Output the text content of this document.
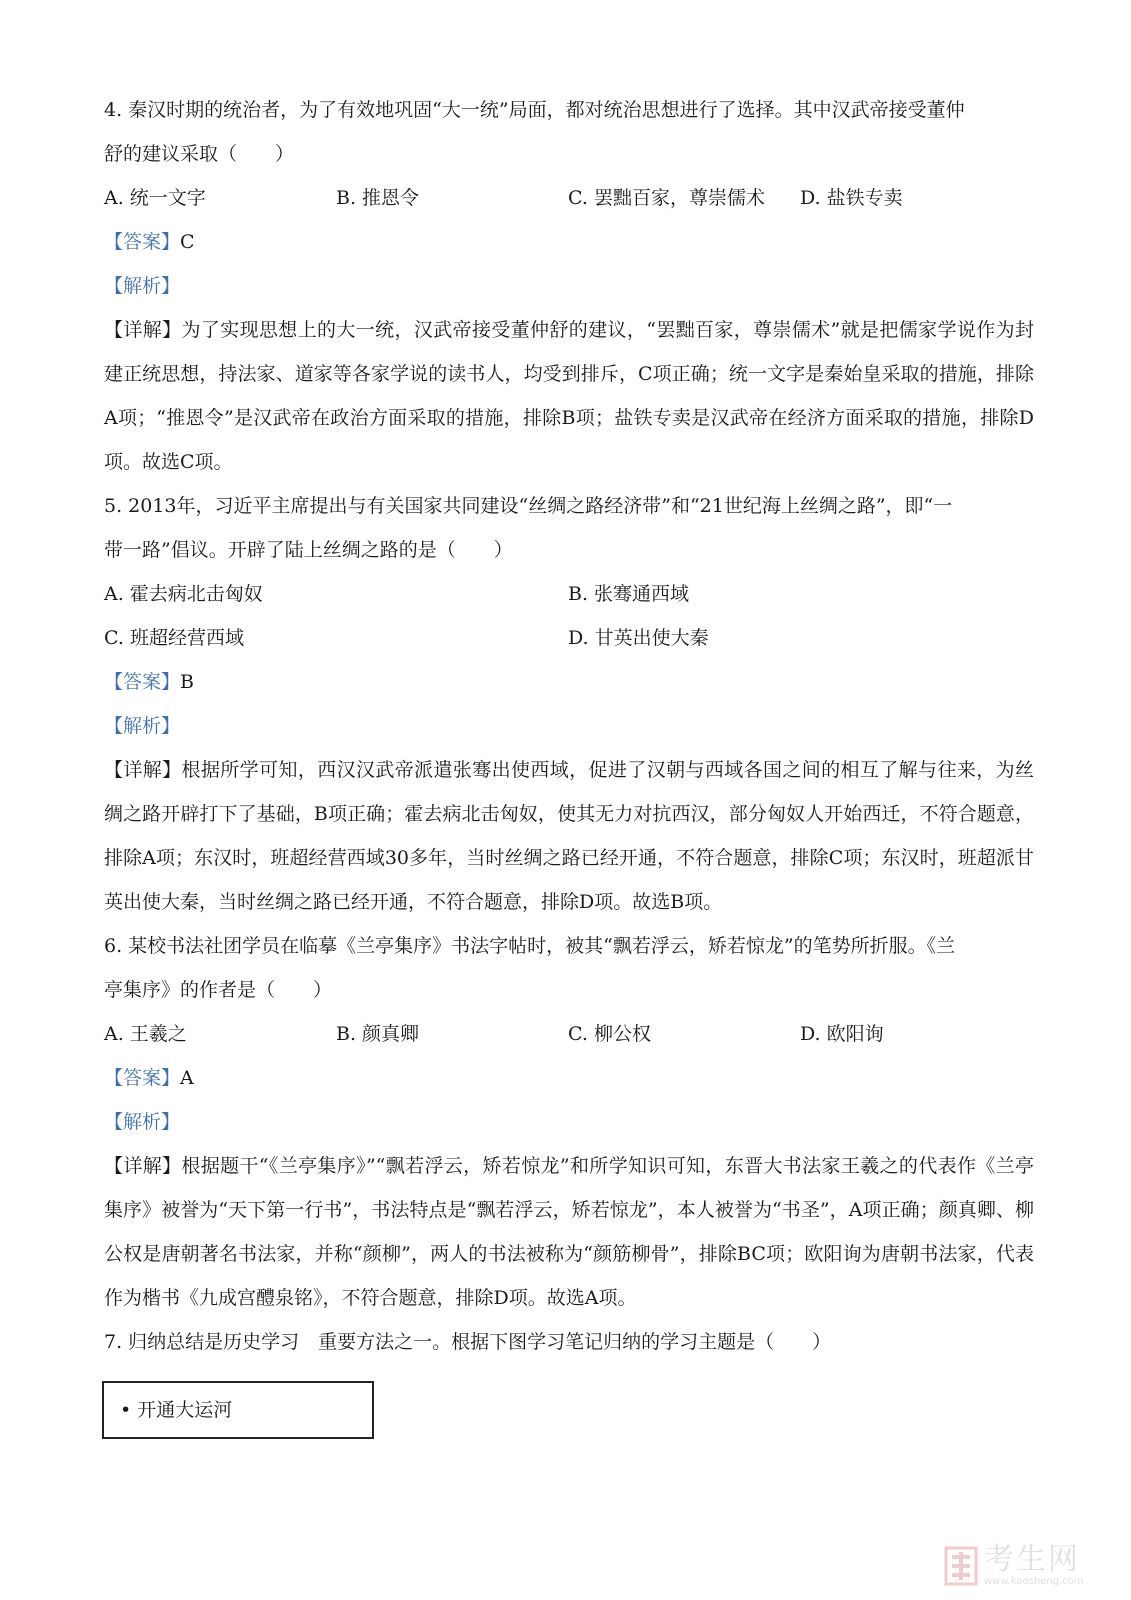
4. 秦汉时期的统治者，为了有效地巩固“大一统”局面，都对统治思想进行了选择。其中汉武帝接受董仲
舒的建议采取（　　）
A. 统一文字	B. 推恩令	C. 罢黜百家，尊崇儒术	D. 盐铁专卖
【答案】C
【解析】
【详解】为了实现思想上的大一统，汉武帝接受董仲舒的建议，“罢黜百家，尊崇儒术”就是把儒家学说作为封建正统思想，持法家、道家等各家学说的读书人，均受到排斥，C项正确；统一文字是秦始皇采取的措施，排除A项；“推恩令”是汉武帝在政治方面采取的措施，排除B项；盐铁专卖是汉武帝在经济方面采取的措施，排除D项。故选C项。
5. 2013年，习近平主席提出与有关国家共同建设“丝绸之路经济带”和“21世纪海上丝绸之路”，即“一
带一路”倡议。开辟了陆上丝绸之路的是（　　）
A. 霍去病北击匈奴	B. 张骞通西域
C. 班超经营西域	D. 甘英出使大秦
【答案】B
【解析】
【详解】根据所学可知，西汉汉武帝派遣张骞出使西域，促进了汉朝与西域各国之间的相互了解与往来，为丝绸之路开辟打下了基础，B项正确；霍去病北击匈奴，使其无力对抗西汉，部分匈奴人开始西迁，不符合题意，排除A项；东汉时，班超经营西域30多年，当时丝绸之路已经开通，不符合题意，排除C项；东汉时，班超派甘英出使大秦，当时丝绸之路已经开通，不符合题意，排除D项。故选B项。
6. 某校书法社团学员在临摹《兰亭集序》书法字帖时，被其“飘若浮云，矫若惊龙”的笔势所折服。《兰
亭集序》的作者是（　　）
A. 王羲之	B. 颜真卿	C. 柳公权	D. 欧阳询
【答案】A
【解析】
【详解】根据题干“《兰亭集序》”“飘若浮云，矫若惊龙”和所学知识可知，东晋大书法家王羲之的代表作《兰亭集序》被誉为“天下第一行书”，书法特点是“飘若浮云，矫若惊龙”，本人被誉为“书圣”，A项正确；颜真卿、柳公权是唐朝著名书法家，并称“颜柳”，两人的书法被称为“颜筋柳骨”，排除BC项；欧阳询为唐朝书法家，代表作为楷书《九成宫醴泉铭》，不符合题意，排除D项。故选A项。
7. 归纳总结是历史学习　重要方法之一。根据下图学习笔记归纳的学习主题是（　　）
• 开通大运河
考生网
www.kaosheng.com
